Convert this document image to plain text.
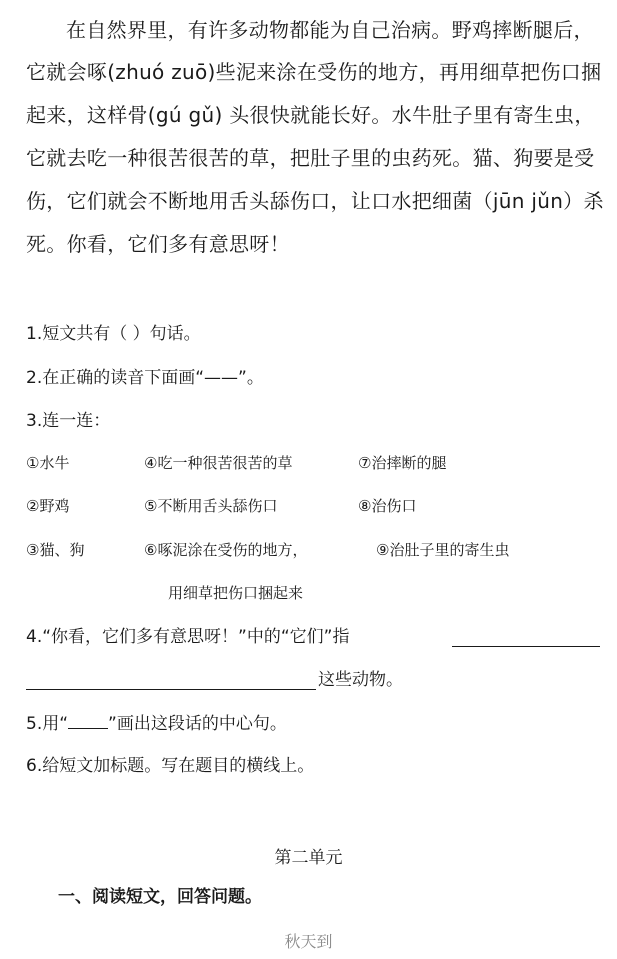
在自然界里，有许多动物都能为自己治病。野鸡摔断腿后，
它就会啄(zhuó zuō)些泥来涂在受伤的地方，再用细草把伤口捆
起来，这样骨(gú gǔ) 头很快就能长好。水牛肚子里有寄生虫，
它就去吃一种很苦很苦的草，把肚子里的虫药死。猫、狗要是受
伤，它们就会不断地用舌头舔伤口，让口水把细菌（jūn jǔn）杀
死。你看，它们多有意思呀！
1.短文共有（ ）句话。
2.在正确的读音下面画“——”。
3.连一连：
①水牛
②野鸡
③猫、狗
④吃一种很苦很苦的草
⑤不断用舌头舔伤口
⑥啄泥涂在受伤的地方，
用细草把伤口捆起来
⑦治摔断的腿
⑧治伤口
⑨治肚子里的寄生虫
4.“你看，它们多有意思呀！”中的“它们”指
这些动物。
5.用“ ”画出这段话的中心句。
6.给短文加标题。写在题目的横线上。
第二单元
一、阅读短文，回答问题。
秋天到
